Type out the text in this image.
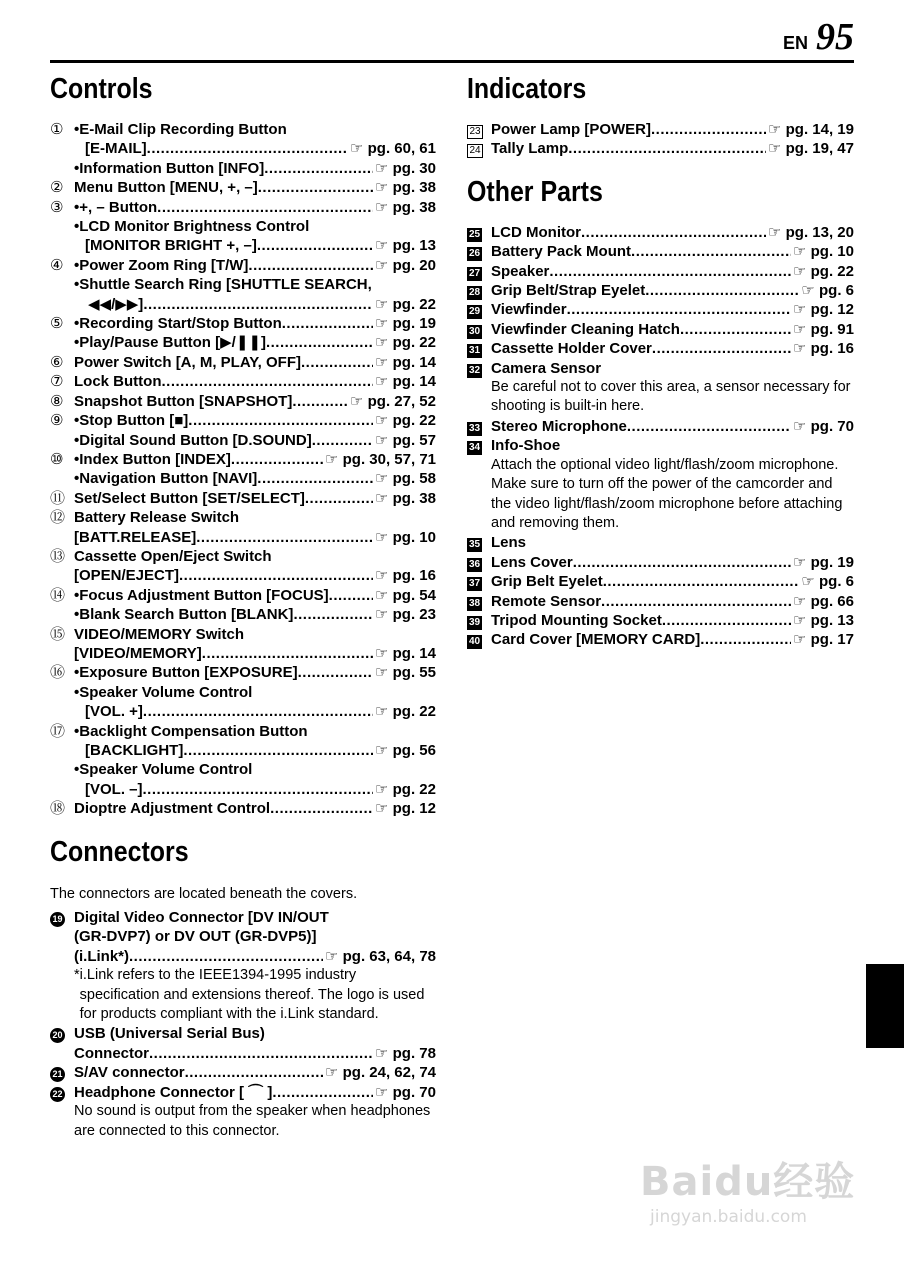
EN 95
Controls
① •E-Mail Clip Recording Button
[E-MAIL] .....	☞ pg. 60, 61
•Information Button [INFO] .....	☞ pg. 30
② Menu Button [MENU, +, –] .....	☞ pg. 38
③ •+, – Button .....	☞ pg. 38
•LCD Monitor Brightness Control
[MONITOR BRIGHT +, –] .....	☞ pg. 13
④ •Power Zoom Ring [T/W] .....	☞ pg. 20
•Shuttle Search Ring [SHUTTLE SEARCH,
◀◀/▶▶] .....	☞ pg. 22
⑤ •Recording Start/Stop Button .....	☞ pg. 19
•Play/Pause Button [▶/❚❚] .....	☞ pg. 22
⑥ Power Switch [A, M, PLAY, OFF] .....	☞ pg. 14
⑦ Lock Button .....	☞ pg. 14
⑧ Snapshot Button [SNAPSHOT] .....	☞ pg. 27, 52
⑨ •Stop Button [■] .....	☞ pg. 22
•Digital Sound Button [D.SOUND] .....	☞ pg. 57
⑩ •Index Button [INDEX] .....	☞ pg. 30, 57, 71
•Navigation Button [NAVI] .....	☞ pg. 58
⑪ Set/Select Button [SET/SELECT] .....	☞ pg. 38
⑫ Battery Release Switch
[BATT.RELEASE] .....	☞ pg. 10
⑬ Cassette Open/Eject Switch
[OPEN/EJECT] .....	☞ pg. 16
⑭ •Focus Adjustment Button [FOCUS] .....	☞ pg. 54
•Blank Search Button [BLANK] .....	☞ pg. 23
⑮ VIDEO/MEMORY Switch
[VIDEO/MEMORY] .....	☞ pg. 14
⑯ •Exposure Button [EXPOSURE] .....	☞ pg. 55
•Speaker Volume Control
[VOL. +] .....	☞ pg. 22
⑰ •Backlight Compensation Button
[BACKLIGHT] .....	☞ pg. 56
•Speaker Volume Control
[VOL. –] .....	☞ pg. 22
⑱ Dioptre Adjustment Control .....	☞ pg. 12
Connectors
The connectors are located beneath the covers.
19 Digital Video Connector [DV IN/OUT
(GR-DVP7) or DV OUT (GR-DVP5)]
(i.Link*) .....	☞ pg. 63, 64, 78
* i.Link refers to the IEEE1394-1995 industry specification and extensions thereof. The logo is used for products compliant with the i.Link standard.
20 USB (Universal Serial Bus)
Connector .....	☞ pg. 78
21 S/AV connector .....	☞ pg. 24, 62, 74
22 Headphone Connector [ ⌒ ] .....	☞ pg. 70
No sound is output from the speaker when headphones are connected to this connector.
Indicators
23 Power Lamp [POWER] .....	☞ pg. 14, 19
24 Tally Lamp .....	☞ pg. 19, 47
Other Parts
25 LCD Monitor .....	☞ pg. 13, 20
26 Battery Pack Mount .....	☞ pg. 10
27 Speaker .....	☞ pg. 22
28 Grip Belt/Strap Eyelet .....	☞ pg. 6
29 Viewfinder .....	☞ pg. 12
30 Viewfinder Cleaning Hatch .....	☞ pg. 91
31 Cassette Holder Cover .....	☞ pg. 16
32 Camera Sensor
Be careful not to cover this area, a sensor necessary for shooting is built-in here.
33 Stereo Microphone .....	☞ pg. 70
34 Info-Shoe
Attach the optional video light/flash/zoom microphone. Make sure to turn off the power of the camcorder and the video light/flash/zoom microphone before attaching and removing them.
35 Lens
36 Lens Cover .....	☞ pg. 19
37 Grip Belt Eyelet .....	☞ pg. 6
38 Remote Sensor .....	☞ pg. 66
39 Tripod Mounting Socket .....	☞ pg. 13
40 Card Cover [MEMORY CARD] .....	☞ pg. 17
Baidu经验
jingyan.baidu.com
